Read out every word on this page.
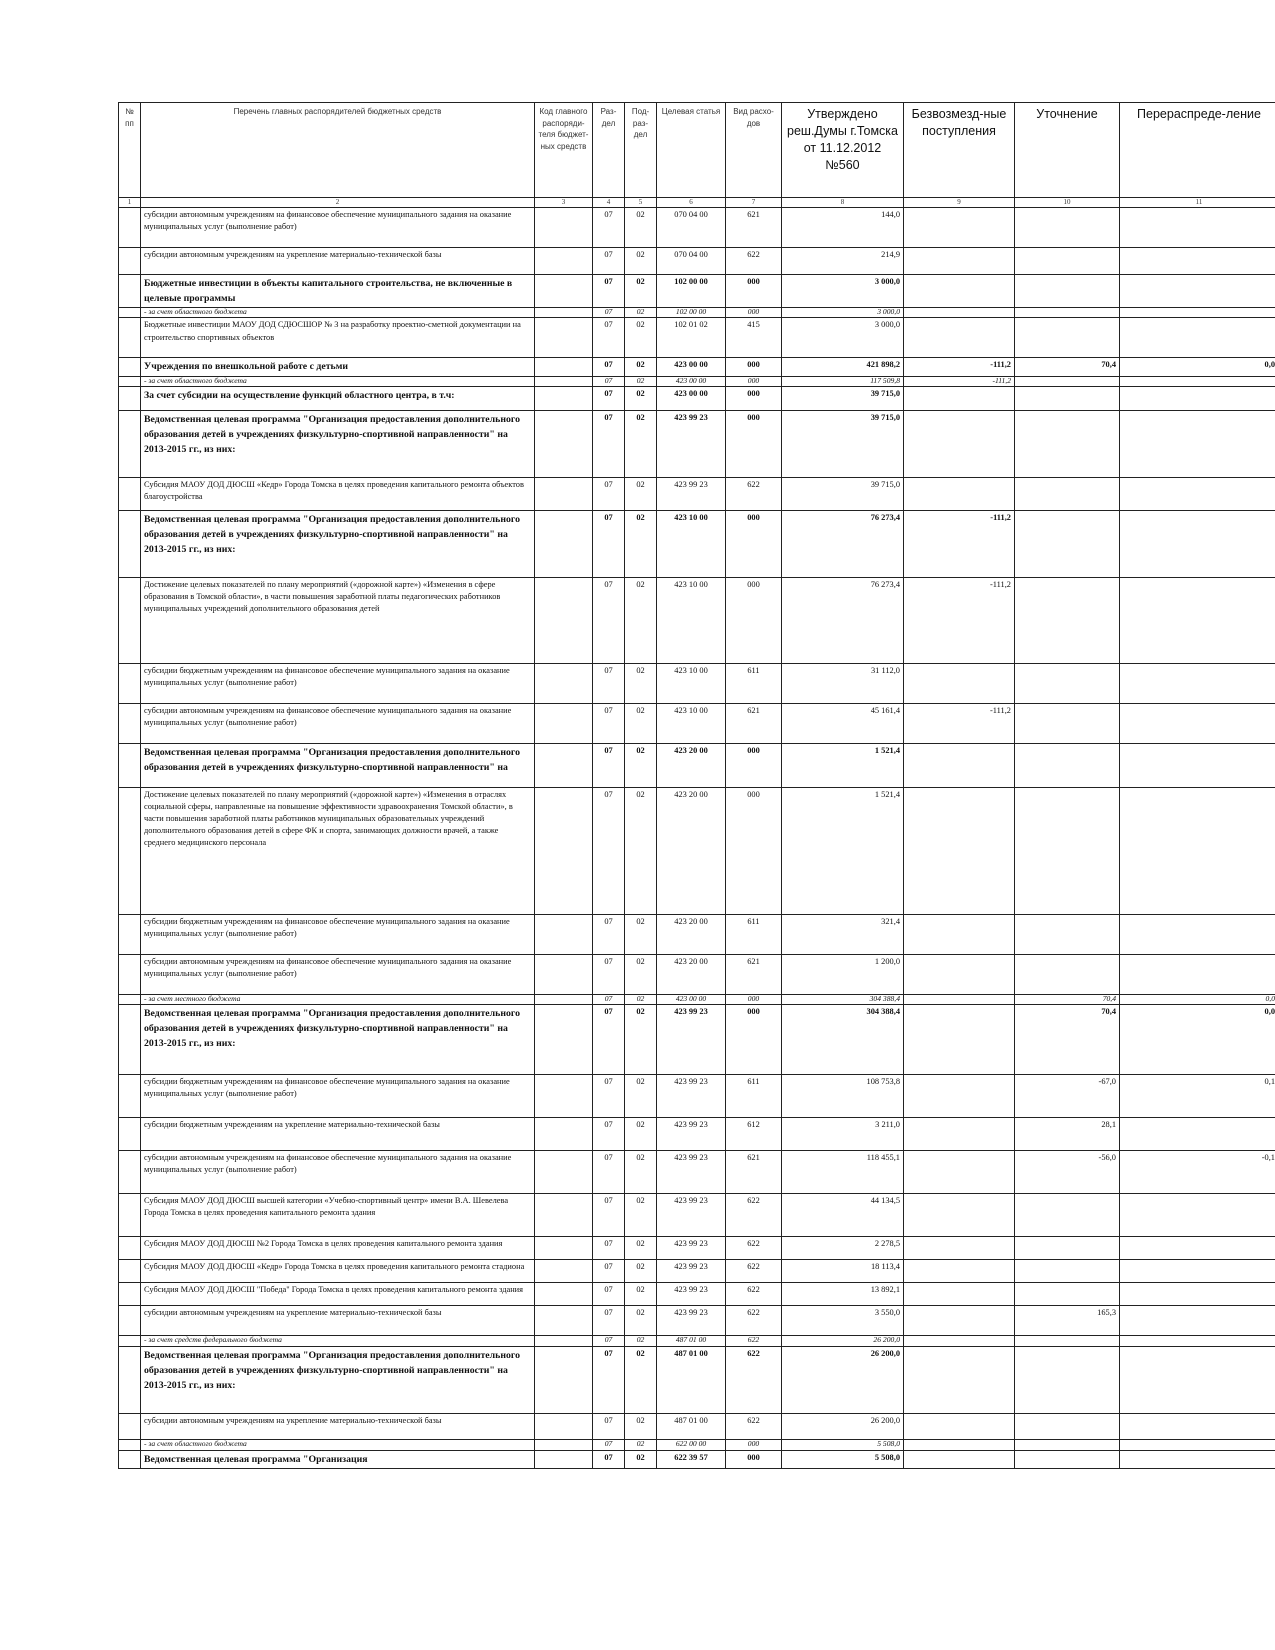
№ пп	Перечень главных распорядителей бюджетных средств	Код главного распоряди-теля бюджет-ных средств	Раз-дел	Под-раз-дел	Целевая статья	Вид расхо-дов	Утверждено реш.Думы г.Томска от 11.12.2012 №560	Безвозмезд-ные поступления	Уточнение	Перераспреде-ление
1	2	3	4	5	6	7	8	9	10	11
	субсидии автономным учреждениям на финансовое обеспечение муниципального задания на оказание муниципальных услуг (выполнение работ)		07	02	070 04 00	621	144,0			
	субсидии автономным учреждениям на укрепление материально-технической базы		07	02	070 04 00	622	214,9			
	Бюджетные инвестиции в объекты капитального строительства, не включенные в целевые программы		07	02	102 00 00	000	3 000,0			
	- за счет областного бюджета		07	02	102 00 00	000	3 000,0			
	Бюджетные инвестиции МАОУ ДОД СДЮСШОР № 3 на разработку проектно-сметной документации на строительство спортивных объектов		07	02	102 01 02	415	3 000,0			
	Учреждения по внешкольной работе с детьми		07	02	423 00 00	000	421 898,2	-111,2	70,4	0,0
	- за счет областного бюджета		07	02	423 00 00	000	117 509,8	-111,2		
	За счет субсидии на осуществление функций областного центра, в т.ч:		07	02	423 00 00	000	39 715,0			
	Ведомственная целевая программа "Организация предоставления дополнительного образования детей в учреждениях физкультурно-спортивной направленности" на 2013-2015 гг., из них:		07	02	423 99 23	000	39 715,0			
	Субсидия МАОУ ДОД ДЮСШ «Кедр» Города Томска в целях проведения капитального ремонта объектов благоустройства		07	02	423 99 23	622	39 715,0			
	Ведомственная целевая программа "Организация предоставления дополнительного образования детей в учреждениях физкультурно-спортивной направленности" на 2013-2015 гг., из них:		07	02	423 10 00	000	76 273,4	-111,2		
	Достижение целевых показателей по плану мероприятий («дорожной карте») «Изменения в сфере образования в Томской области», в части повышения заработной платы педагогических работников муниципальных учреждений дополнительного образования детей		07	02	423 10 00	000	76 273,4	-111,2		
	субсидии бюджетным учреждениям на финансовое обеспечение муниципального задания на оказание муниципальных услуг (выполнение работ)		07	02	423 10 00	611	31 112,0			
	субсидии автономным учреждениям на финансовое обеспечение муниципального задания на оказание муниципальных услуг (выполнение работ)		07	02	423 10 00	621	45 161,4	-111,2		
	Ведомственная целевая программа "Организация предоставления дополнительного образования детей в учреждениях физкультурно-спортивной направленности" на		07	02	423 20 00	000	1 521,4			
	Достижение целевых показателей по плану мероприятий («дорожной карте») «Изменения в отраслях социальной сферы, направленные на повышение эффективности здравоохранения Томской области», в части повышения заработной платы работников муниципальных образовательных учреждений дополнительного образования детей в сфере ФК и спорта, занимающих должности врачей, а также среднего медицинского персонала		07	02	423 20 00	000	1 521,4			
	субсидии бюджетным учреждениям на финансовое обеспечение муниципального задания на оказание муниципальных услуг (выполнение работ)		07	02	423 20 00	611	321,4			
	субсидии автономным учреждениям на финансовое обеспечение муниципального задания на оказание муниципальных услуг (выполнение работ)		07	02	423 20 00	621	1 200,0			
	- за счет местного бюджета		07	02	423 00 00	000	304 388,4		70,4	0,0
	Ведомственная целевая программа "Организация предоставления дополнительного образования детей в учреждениях физкультурно-спортивной направленности" на 2013-2015 гг., из них:		07	02	423 99 23	000	304 388,4		70,4	0,0
	субсидии бюджетным учреждениям на финансовое обеспечение муниципального задания на оказание муниципальных услуг (выполнение работ)		07	02	423 99 23	611	108 753,8		-67,0	0,1
	субсидии бюджетным учреждениям на укрепление материально-технической базы		07	02	423 99 23	612	3 211,0		28,1	
	субсидии автономным учреждениям на финансовое обеспечение муниципального задания на оказание муниципальных услуг (выполнение работ)		07	02	423 99 23	621	118 455,1		-56,0	-0,1
	Субсидия МАОУ ДОД ДЮСШ высшей категории «Учебно-спортивный центр» имени В.А. Шевелева Города Томска в целях проведения капитального ремонта здания		07	02	423 99 23	622	44 134,5			
	Субсидия МАОУ ДОД ДЮСШ №2 Города Томска в целях проведения капитального ремонта здания		07	02	423 99 23	622	2 278,5			
	Субсидия МАОУ ДОД ДЮСШ «Кедр» Города Томска в целях проведения капитального ремонта стадиона		07	02	423 99 23	622	18 113,4			
	Субсидия МАОУ ДОД ДЮСШ "Победа" Города Томска в целях проведения капитального ремонта здания		07	02	423 99 23	622	13 892,1			
	субсидии автономным учреждениям на укрепление материально-технической базы		07	02	423 99 23	622	3 550,0		165,3	
	- за счет средств федерального бюджета		07	02	487 01 00	622	26 200,0			
	Ведомственная целевая программа "Организация предоставления дополнительного образования детей в учреждениях физкультурно-спортивной направленности" на 2013-2015 гг., из них:		07	02	487 01 00	622	26 200,0			
	субсидии автономным учреждениям на укрепление материально-технической базы		07	02	487 01 00	622	26 200,0			
	- за счет областного бюджета		07	02	622 00 00	000	5 508,0			
	Ведомственная целевая программа "Организация		07	02	622 39 57	000	5 508,0			
